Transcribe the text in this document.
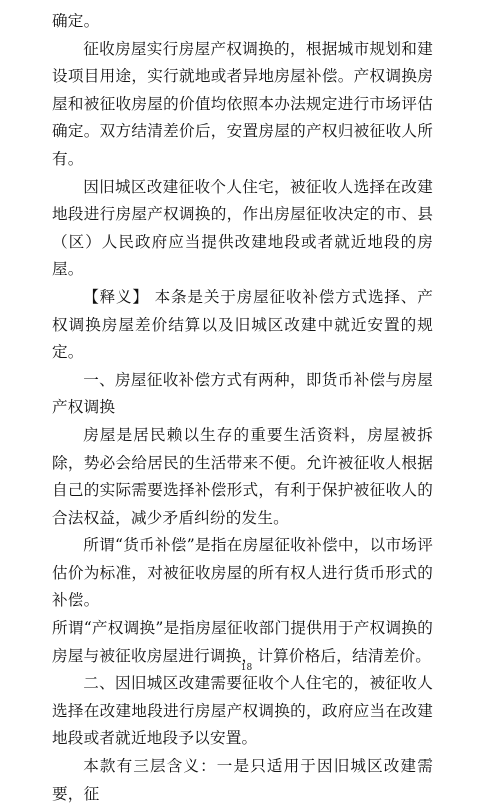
确定。

征收房屋实行房屋产权调换的，根据城市规划和建设项目用途，实行就地或者异地房屋补偿。产权调换房屋和被征收房屋的价值均依照本办法规定进行市场评估确定。双方结清差价后，安置房屋的产权归被征收人所有。

因旧城区改建征收个人住宅，被征收人选择在改建地段进行房屋产权调换的，作出房屋征收决定的市、县（区）人民政府应当提供改建地段或者就近地段的房屋。

【释义】 本条是关于房屋征收补偿方式选择、产权调换房屋差价结算以及旧城区改建中就近安置的规定。

一、房屋征收补偿方式有两种，即货币补偿与房屋产权调换

房屋是居民赖以生存的重要生活资料，房屋被拆除，势必会给居民的生活带来不便。允许被征收人根据自己的实际需要选择补偿形式，有利于保护被征收人的合法权益，减少矛盾纠纷的发生。

所谓“货币补偿”是指在房屋征收补偿中，以市场评估价为标准，对被征收房屋的所有权人进行货币形式的补偿。

所谓“产权调换”是指房屋征收部门提供用于产权调换的房屋与被征收房屋进行调换，计算价格后，结清差价。

二、因旧城区改建需要征收个人住宅的，被征收人选择在改建地段进行房屋产权调换的，政府应当在改建地段或者就近地段予以安置。

本款有三层含义：一是只适用于因旧城区改建需要，征

18
